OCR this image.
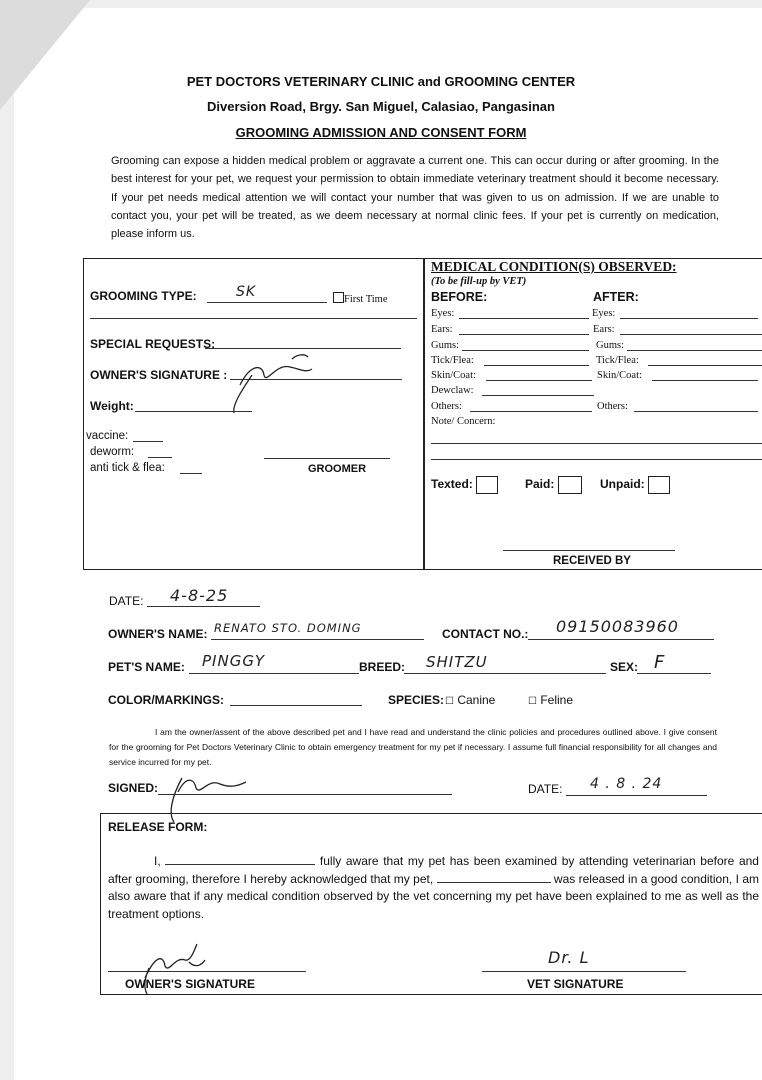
PET DOCTORS VETERINARY CLINIC and GROOMING CENTER
Diversion Road, Brgy. San Miguel, Calasiao, Pangasinan
GROOMING ADMISSION AND CONSENT FORM
Grooming can expose a hidden medical problem or aggravate a current one. This can occur during or after grooming. In the best interest for your pet, we request your permission to obtain immediate veterinary treatment should it become necessary. If your pet needs medical attention we will contact your number that was given to us on admission. If we are unable to contact you, your pet will be treated, as we deem necessary at normal clinic fees. If your pet is currently on medication, please inform us.
GROOMING TYPE:	SK	First Time
SPECIAL REQUESTS:
OWNER'S SIGNATURE :
Weight:
vaccine:
deworm:
anti tick & flea:	GROOMER
MEDICAL CONDITION(S) OBSERVED:
(To be fill-up by VET)
BEFORE:	AFTER:
Eyes:	Eyes:
Ears:	Ears:
Gums:	Gums:
Tick/Flea:	Tick/Flea:
Skin/Coat:	Skin/Coat:
Dewclaw:
Others:	Others:
Note/ Concern:
Texted:	Paid:	Unpaid:
RECEIVED BY
DATE: 4-8-25
OWNER'S NAME: RENATO STO. DOMING	CONTACT NO.: 09150083960
PET'S NAME: PINGGY	BREED: SHITZU	SEX: F
COLOR/MARKINGS:	SPECIES: ☐ Canine	☐ Feline
I am the owner/assent of the above described pet and I have read and understand the clinic policies and procedures outlined above. I give consent for the grooming for Pet Doctors Veterinary Clinic to obtain emergency treatment for my pet if necessary. I assume full financial responsibility for all changes and service incurred for my pet.
SIGNED:	DATE: 4 . 8 . 24
RELEASE FORM:
I,	fully aware that my pet has been examined by attending veterinarian before and after grooming, therefore I hereby acknowledged that my pet,	was released in a good condition, I am also aware that if any medical condition observed by the vet concerning my pet have been explained to me as well as the treatment options.
OWNER'S SIGNATURE
Dr. L
VET SIGNATURE
